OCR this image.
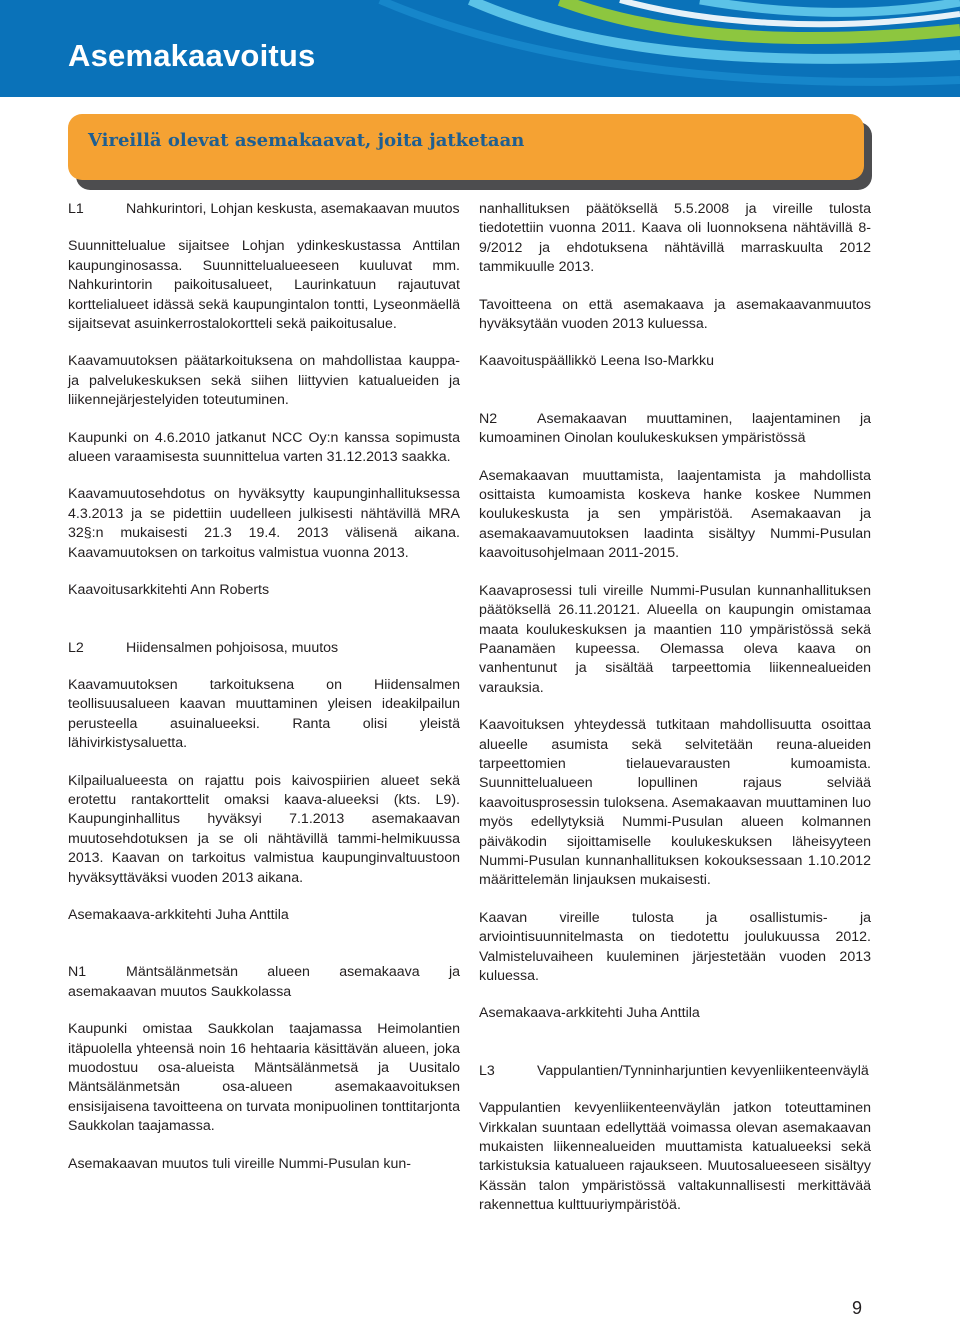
Asemakaavoitus
Vireillä olevat asemakaavat, joita jatketaan

L1	Nahkurintori, Lohjan keskusta, asemakaavan muutos

Suunnittelualue sijaitsee Lohjan ydinkeskustassa Anttilan kaupunginosassa. Suunnittelualueeseen kuuluvat mm. Nahkurintorin paikoitusalueet, Laurinkatuun rajautuvat korttelialueet idässä sekä kaupungintalon tontti, Lyseonmäellä sijaitsevat asuinkerrostalokortteli sekä paikoitusalue.

Kaavamuutoksen päätarkoituksena on mahdollistaa kauppa- ja palvelukeskuksen sekä siihen liittyvien katualueiden ja liikennejärjestelyiden toteutuminen.

Kaupunki on 4.6.2010 jatkanut NCC Oy:n kanssa sopimusta alueen varaamisesta suunnittelua varten 31.12.2013 saakka.

Kaavamuutosehdotus on hyväksytty kaupunginhallituksessa 4.3.2013 ja se pidettiin uudelleen julkisesti nähtävillä MRA 32§:n mukaisesti 21.3 19.4. 2013 välisenä aikana. Kaavamuutoksen on tarkoitus valmistua vuonna 2013.

Kaavoitusarkkitehti Ann Roberts

L2	Hiidensalmen pohjoisosa, muutos

Kaavamuutoksen tarkoituksena on Hiidensalmen teollisuusalueen kaavan muuttaminen yleisen ideakilpailun perusteella asuinalueeksi. Ranta olisi yleistä lähivirkistysaluetta.

Kilpailualueesta on rajattu pois kaivospiirien alueet sekä erotettu rantakorttelit omaksi kaava-alueeksi (kts. L9). Kaupunginhallitus hyväksyi 7.1.2013 asemakaavan muutosehdotuksen ja se oli nähtävillä tammi-helmikuussa 2013. Kaavan on tarkoitus valmistua kaupunginvaltuustoon hyväksyttäväksi vuoden 2013 aikana.

Asemakaava-arkkitehti Juha Anttila

N1	Mäntsälänmetsän alueen asemakaava ja asemakaavan muutos Saukkolassa

Kaupunki omistaa Saukkolan taajamassa Heimolantien itäpuolella yhteensä noin 16 hehtaaria käsittävän alueen, joka muodostuu osa-alueista Mäntsälänmetsä ja Uusitalo Mäntsälänmetsän osa-alueen asemakaavoituksen ensisijaisena tavoitteena on turvata monipuolinen tonttitarjonta Saukkolan taajamassa.

Asemakaavan muutos tuli vireille Nummi-Pusulan kun-

nanhallituksen päätöksellä 5.5.2008 ja vireille tulosta tiedotettiin vuonna 2011. Kaava oli luonnoksena nähtävillä 8-9/2012 ja ehdotuksena nähtävillä marraskuulta 2012 tammikuulle 2013.

Tavoitteena on että asemakaava ja asemakaavanmuutos hyväksytään vuoden 2013 kuluessa.

Kaavoituspäällikkö Leena Iso-Markku

N2	Asemakaavan muuttaminen, laajentaminen ja kumoaminen Oinolan koulukeskuksen ympäristössä

Asemakaavan muuttamista, laajentamista ja mahdollista osittaista kumoamista koskeva hanke koskee Nummen koulukeskusta ja sen ympäristöä. Asemakaavan ja asemakaavamuutoksen laadinta sisältyy Nummi-Pusulan kaavoitusohjelmaan 2011-2015.

Kaavaprosessi tuli vireille Nummi-Pusulan kunnanhallituksen päätöksellä 26.11.20121. Alueella on kaupungin omistamaa maata koulukeskuksen ja maantien 110 ympäristössä sekä Paanamäen kupeessa. Olemassa oleva kaava on vanhentunut ja sisältää tarpeettomia liikennealueiden varauksia.

Kaavoituksen yhteydessä tutkitaan mahdollisuutta osoittaa alueelle asumista sekä selvitetään reuna-alueiden tarpeettomien tielauevarausten kumoamista. Suunnittelualueen lopullinen rajaus selviää kaavoitusprosessin tuloksena. Asemakaavan muuttaminen luo myös edellytyksiä Nummi-Pusulan alueen kolmannen päiväkodin sijoittamiselle koulukeskuksen läheisyyteen Nummi-Pusulan kunnanhallituksen kokouksessaan 1.10.2012 määrittelemän linjauksen mukaisesti.

Kaavan vireille tulosta ja osallistumis- ja arviointisuunnitelmasta on tiedotettu joulukuussa 2012. Valmisteluvaiheen kuuleminen järjestetään vuoden 2013 kuluessa.

Asemakaava-arkkitehti Juha Anttila

L3	Vappulantien/Tynninharjuntien kevyenliikenteenväylä

Vappulantien kevyenliikenteenväylän jatkon toteuttaminen Virkkalan suuntaan edellyttää voimassa olevan asemakaavan mukaisten liikennealueiden muuttamista katualueeksi sekä tarkistuksia katualueen rajaukseen. Muutosalueeseen sisältyy Kässän talon ympäristössä valtakunnallisesti merkittävää rakennettua kulttuuriympäristöä.

9
